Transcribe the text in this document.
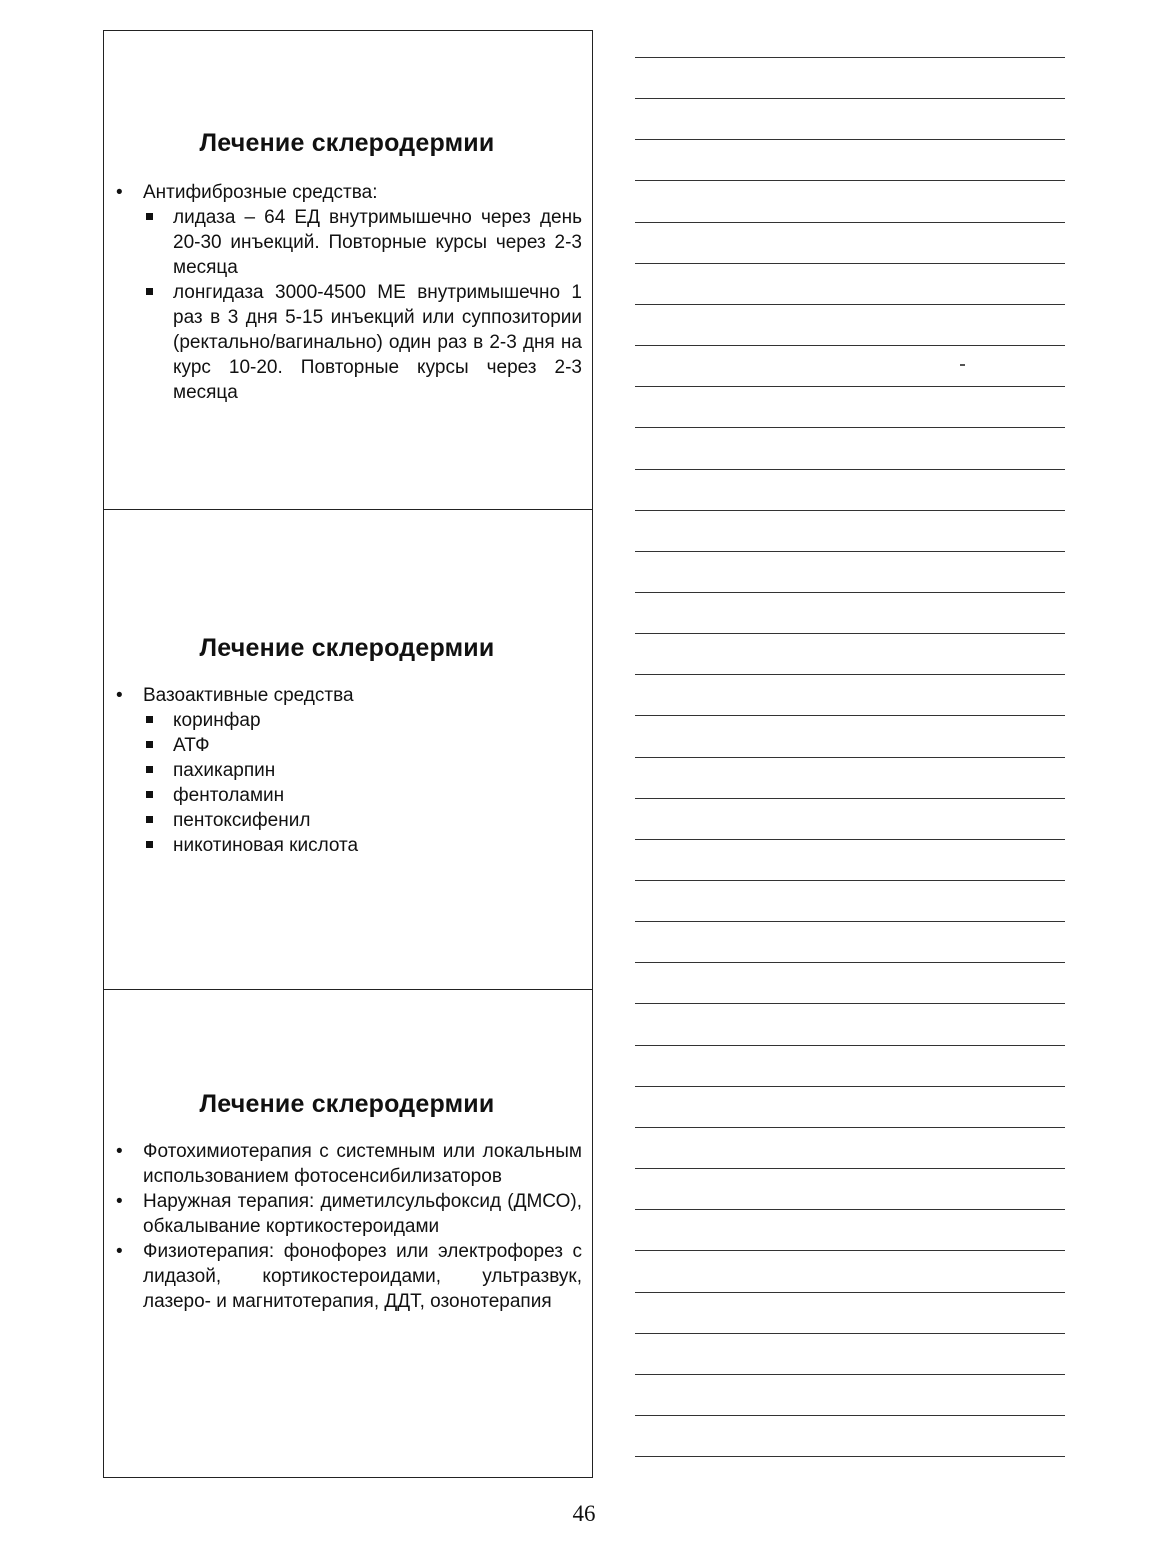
Лечение склеродермии
• Антифиброзные средства:
лидаза – 64 ЕД внутримышечно через день 20-30 инъекций. Повторные курсы через 2-3 месяца
лонгидаза 3000-4500 МЕ внутримышечно 1 раз в 3 дня 5-15 инъекций или суппозитории (ректально/вагинально) один раз в 2-3 дня на курс 10-20. Повторные курсы через 2-3 месяца
Лечение склеродермии
• Вазоактивные средства
коринфар
АТФ
пахикарпин
фентоламин
пентоксифенил
никотиновая кислота
Лечение склеродермии
• Фотохимиотерапия с системным или локальным использованием фотосенсибилизаторов
• Наружная терапия: диметилсульфоксид (ДМСО), обкалывание кортикостероидами
• Физиотерапия: фонофорез или электрофорез с лидазой, кортикостероидами, ультразвук, лазеро- и магнитотерапия, ДДТ, озонотерапия
46
